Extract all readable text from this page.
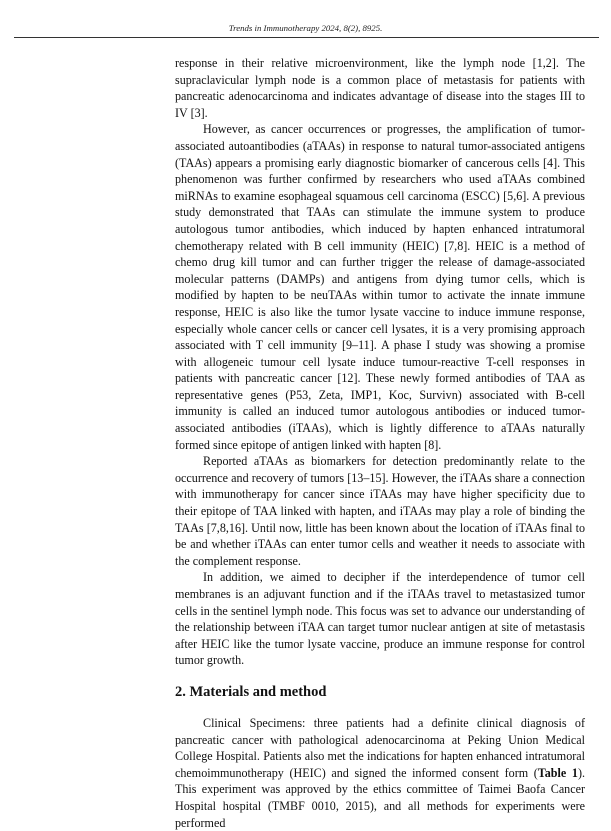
Trends in Immunotherapy 2024, 8(2), 8925.

response in their relative microenvironment, like the lymph node [1,2]. The supraclavicular lymph node is a common place of metastasis for patients with pancreatic adenocarcinoma and indicates advantage of disease into the stages III to IV [3].

However, as cancer occurrences or progresses, the amplification of tumor-associated autoantibodies (aTAAs) in response to natural tumor-associated antigens (TAAs) appears a promising early diagnostic biomarker of cancerous cells [4]. This phenomenon was further confirmed by researchers who used aTAAs combined miRNAs to examine esophageal squamous cell carcinoma (ESCC) [5,6]. A previous study demonstrated that TAAs can stimulate the immune system to produce autologous tumor antibodies, which induced by hapten enhanced intratumoral chemotherapy related with B cell immunity (HEIC) [7,8]. HEIC is a method of chemo drug kill tumor and can further trigger the release of damage-associated molecular patterns (DAMPs) and antigens from dying tumor cells, which is modified by hapten to be neuTAAs within tumor to activate the innate immune response, HEIC is also like the tumor lysate vaccine to induce immune response, especially whole cancer cells or cancer cell lysates, it is a very promising approach associated with T cell immunity [9–11]. A phase I study was showing a promise with allogeneic tumour cell lysate induce tumour-reactive T-cell responses in patients with pancreatic cancer [12]. These newly formed antibodies of TAA as representative genes (P53, Zeta, IMP1, Koc, Survivn) associated with B-cell immunity is called an induced tumor autologous antibodies or induced tumor-associated antibodies (iTAAs), which is lightly difference to aTAAs naturally formed since epitope of antigen linked with hapten [8].

Reported aTAAs as biomarkers for detection predominantly relate to the occurrence and recovery of tumors [13–15]. However, the iTAAs share a connection with immunotherapy for cancer since iTAAs may have higher specificity due to their epitope of TAA linked with hapten, and iTAAs may play a role of binding the TAAs [7,8,16]. Until now, little has been known about the location of iTAAs final to be and whether iTAAs can enter tumor cells and weather it needs to associate with the complement response.

In addition, we aimed to decipher if the interdependence of tumor cell membranes is an adjuvant function and if the iTAAs travel to metastasized tumor cells in the sentinel lymph node. This focus was set to advance our understanding of the relationship between iTAA can target tumor nuclear antigen at site of metastasis after HEIC like the tumor lysate vaccine, produce an immune response for control tumor growth.

2. Materials and method

Clinical Specimens: three patients had a definite clinical diagnosis of pancreatic cancer with pathological adenocarcinoma at Peking Union Medical College Hospital. Patients also met the indications for hapten enhanced intratumoral chemoimmunotherapy (HEIC) and signed the informed consent form (Table 1). This experiment was approved by the ethics committee of Taimei Baofa Cancer Hospital hospital (TMBF 0010, 2015), and all methods for experiments were performed
